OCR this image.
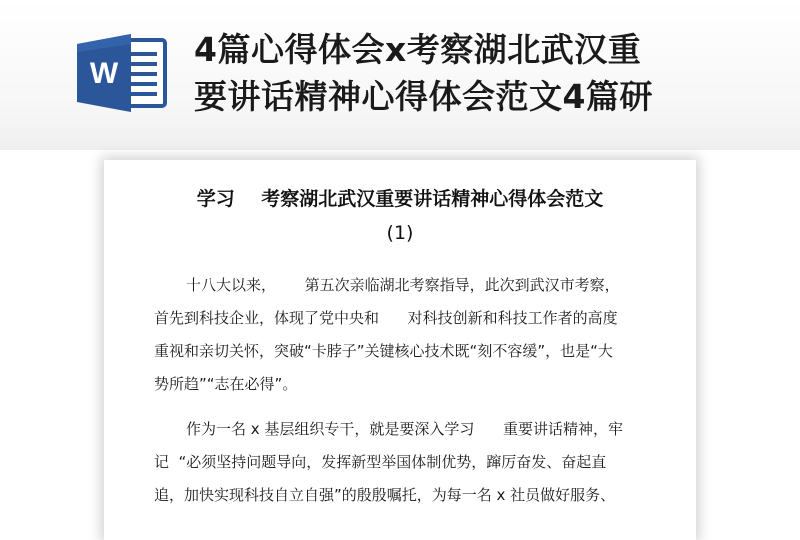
W
4篇心得体会x考察湖北武汉重
要讲话精神心得体会范文4篇研
学习    考察湖北武汉重要讲话精神心得体会范文
(1)
十八大以来，      第五次亲临湖北考察指导，此次到武汉市考察，
首先到科技企业，体现了党中央和      对科技创新和科技工作者的高度
重视和亲切关怀，突破“卡脖子”关键核心技术既“刻不容缓”，也是“大
势所趋”“志在必得”。
作为一名 x 基层组织专干，就是要深入学习      重要讲话精神，牢
记  “必须坚持问题导向，发挥新型举国体制优势，蹿厉奋发、奋起直
追，加快实现科技自立自强”的殷殷嘱托，为每一名 x 社员做好服务、
